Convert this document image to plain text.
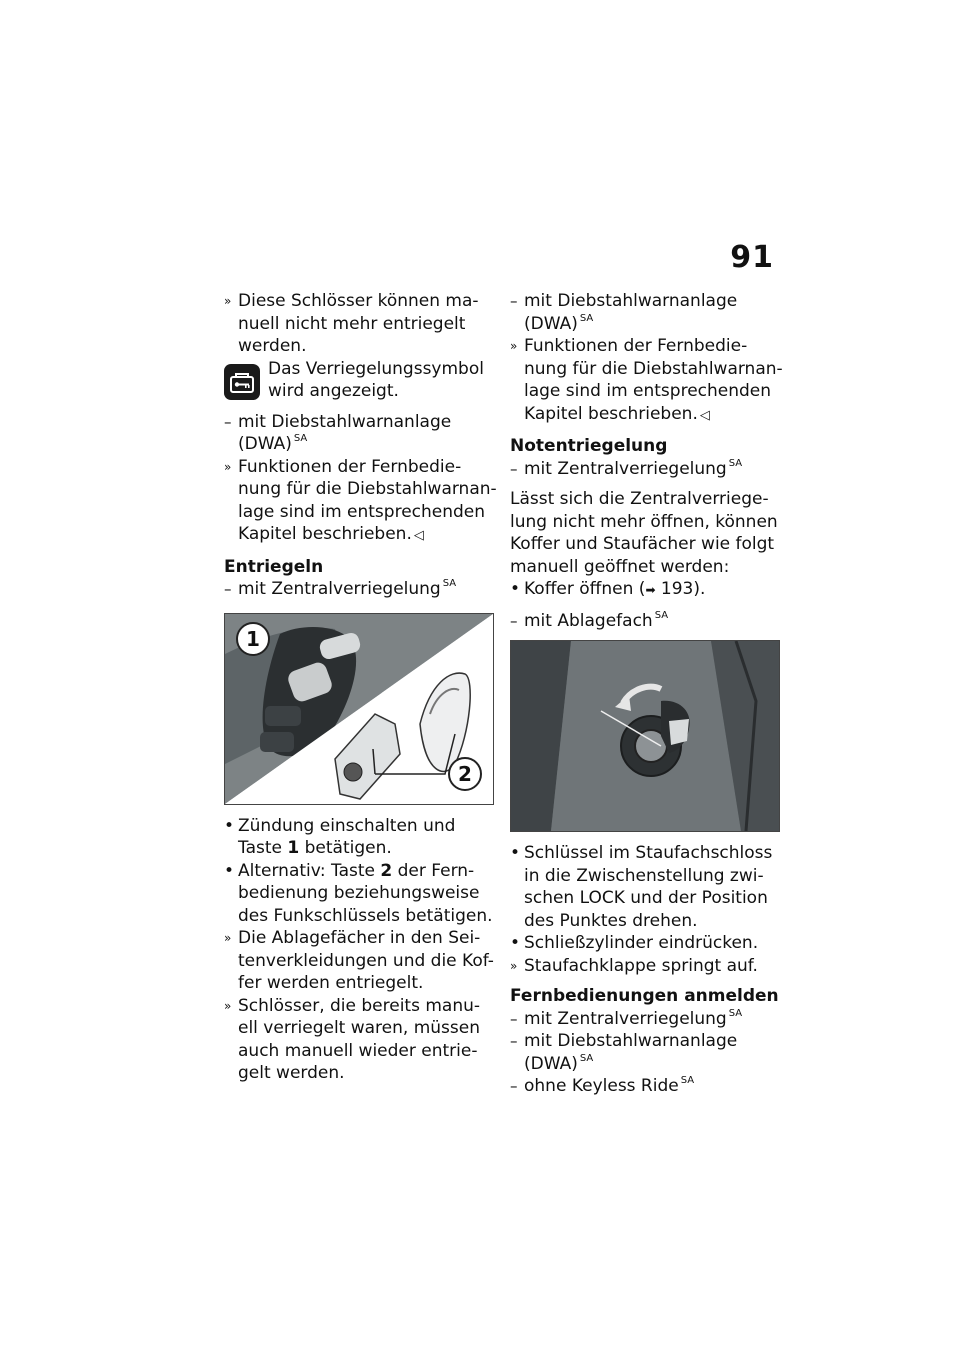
91
» Diese Schlösser können ma-
nuell nicht mehr entriegelt
werden.
Das Verriegelungssymbol
wird angezeigt.
– mit Diebstahlwarnanlage
(DWA) $^{SA}$
» Funktionen der Fernbedie-
nung für die Diebstahlwarnan-
lage sind im entsprechenden
Kapitel beschrieben. ◁
Entriegeln
– mit Zentralverriegelung $^{SA}$
1
2
• Zündung einschalten und
Taste 1 betätigen.
• Alternativ: Taste 2 der Fern-
bedienung beziehungsweise
des Funkschlüssels betätigen.
» Die Ablagefächer in den Sei-
tenverkleidungen und die Kof-
fer werden entriegelt.
» Schlösser, die bereits manu-
ell verriegelt waren, müssen
auch manuell wieder entrie-
gelt werden.
– mit Diebstahlwarnanlage
(DWA) $^{SA}$
» Funktionen der Fernbedie-
nung für die Diebstahlwarnan-
lage sind im entsprechenden
Kapitel beschrieben. ◁
Notentriegelung
– mit Zentralverriegelung $^{SA}$
Lässt sich die Zentralverriege-
lung nicht mehr öffnen, können
Koffer und Staufächer wie folgt
manuell geöffnet werden:
• Koffer öffnen (➡ 193).
– mit Ablagefach $^{SA}$
• Schlüssel im Staufachschloss
in die Zwischenstellung zwi-
schen LOCK und der Position
des Punktes drehen.
• Schließzylinder eindrücken.
» Staufachklappe springt auf.
Fernbedienungen anmelden
– mit Zentralverriegelung $^{SA}$
– mit Diebstahlwarnanlage
(DWA) $^{SA}$
– ohne Keyless Ride $^{SA}$
